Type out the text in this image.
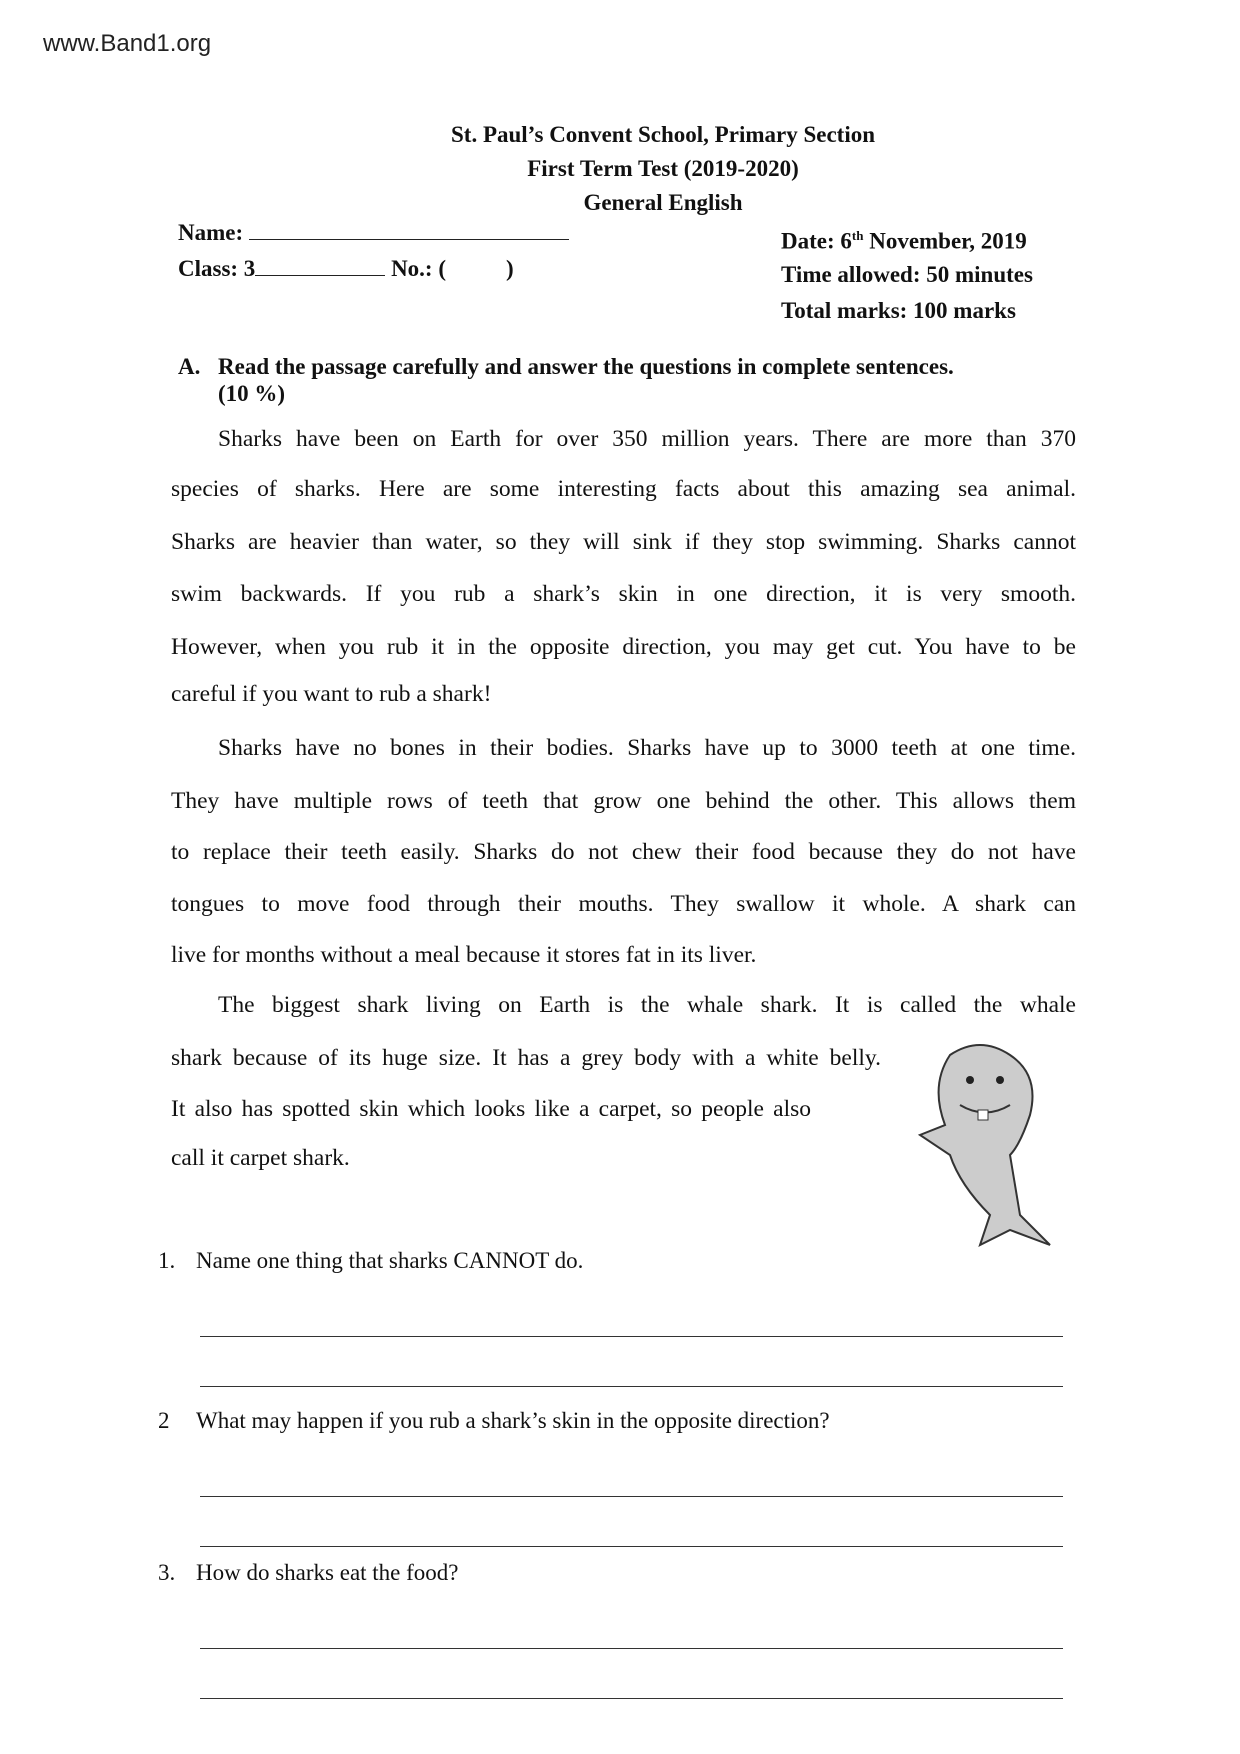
www.Band1.org
St. Paul’s Convent School, Primary Section
First Term Test (2019-2020)
General English
Name:
Class: 3	No.: (	)
Date: 6th November, 2019
Time allowed: 50 minutes
Total marks: 100 marks
A. Read the passage carefully and answer the questions in complete sentences.
(10 %)
Sharks have been on Earth for over 350 million years. There are more than 370
species of sharks. Here are some interesting facts about this amazing sea animal.
Sharks are heavier than water, so they will sink if they stop swimming. Sharks cannot
swim backwards. If you rub a shark’s skin in one direction, it is very smooth.
However, when you rub it in the opposite direction, you may get cut. You have to be
careful if you want to rub a shark!
Sharks have no bones in their bodies. Sharks have up to 3000 teeth at one time.
They have multiple rows of teeth that grow one behind the other. This allows them
to replace their teeth easily. Sharks do not chew their food because they do not have
tongues to move food through their mouths. They swallow it whole. A shark can
live for months without a meal because it stores fat in its liver.
The biggest shark living on Earth is the whale shark. It is called the whale
shark because of its huge size. It has a grey body with a white belly.
It also has spotted skin which looks like a carpet, so people also
call it carpet shark.
1. Name one thing that sharks CANNOT do.
2 What may happen if you rub a shark’s skin in the opposite direction?
3. How do sharks eat the food?
